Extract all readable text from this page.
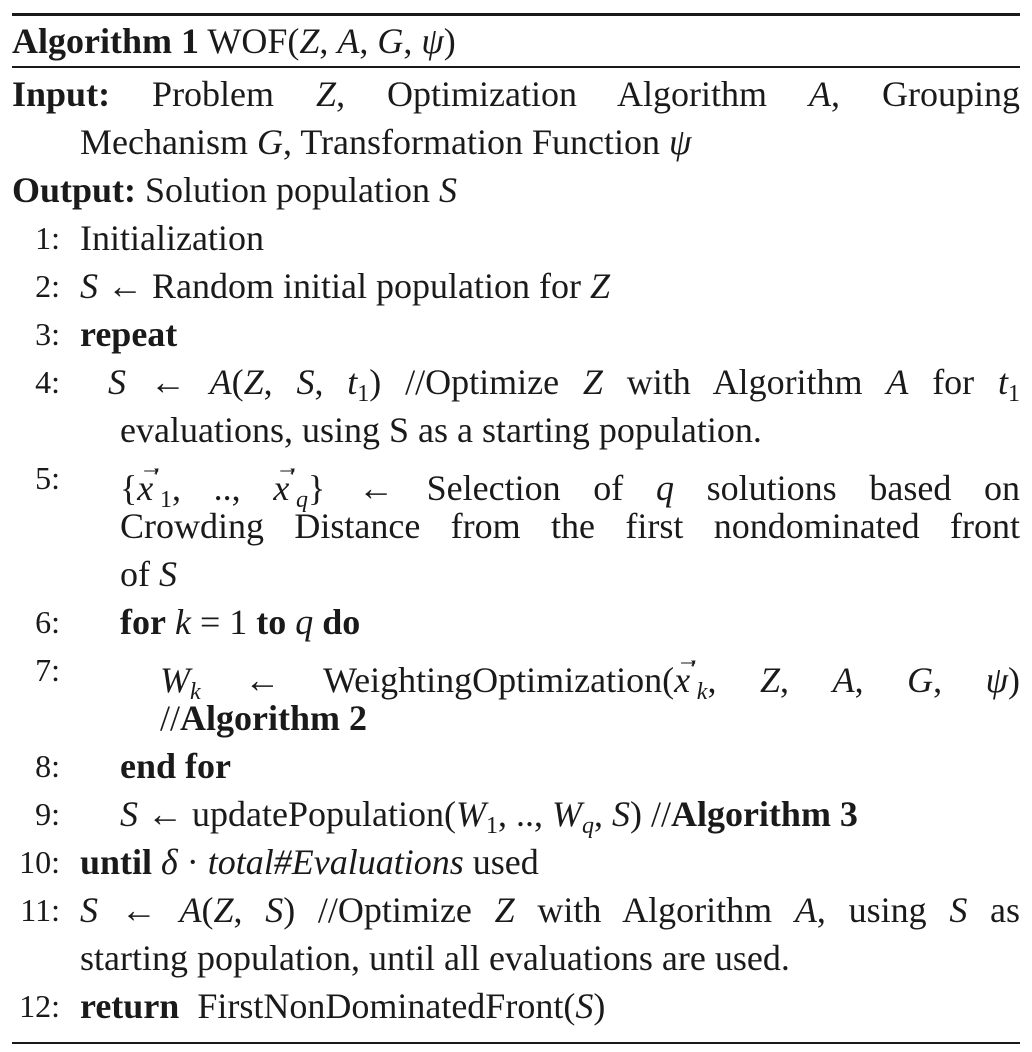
Algorithm 1 WOF(Z, A, G, ψ)
Input: Problem Z, Optimization Algorithm A, Grouping
Mechanism G, Transformation Function ψ
Output: Solution population S
1: Initialization
2: S ← Random initial population for Z
3: repeat
S ← A(Z, S, $t_1$) //Optimize Z with Algorithm A for $t_1$
4:
evaluations, using S as a starting population.
5: {$x \to'_1$, .., $x \to'_q$} ← Selection of q solutions based on
Crowding Distance from the first nondominated front
of S
6: for k = 1 to q do
7:	$W_k$ ← WeightingOptimization(x $\to'_k$, Z, A, G, ψ)
//Algorithm 2
8: end for
9: S ← $updatePopulation(W_1$, .., $W_q$, S) //Algorithm 3
10: until δ · total#Evaluations used
11: S ← A(Z, S) //Optimize Z with Algorithm A, using S as
starting population, until all evaluations are used.
12: return  FirstNonDominatedFront(S)
